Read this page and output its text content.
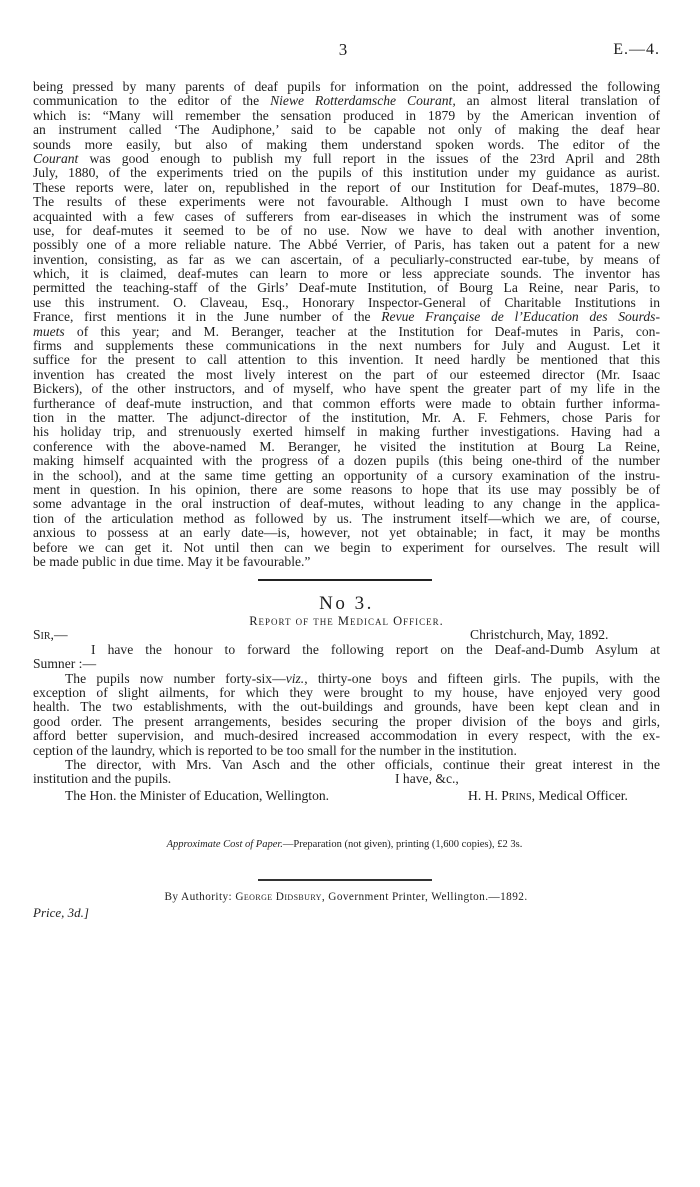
3	E.—4.
being pressed by many parents of deaf pupils for information on the point, addressed the following
communication to the editor of the Niewe Rotterdamsche Courant, an almost literal translation of
which is: “Many will remember the sensation produced in 1879 by the American invention of
an instrument called ‘The Audiphone,’ said to be capable not only of making the deaf hear
sounds more easily, but also of making them understand spoken words. The editor of the
Courant was good enough to publish my full report in the issues of the 23rd April and 28th
July, 1880, of the experiments tried on the pupils of this institution under my guidance as aurist.
These reports were, later on, republished in the report of our Institution for Deaf-mutes, 1879–80.
The results of these experiments were not favourable. Although I must own to have become
acquainted with a few cases of sufferers from ear-diseases in which the instrument was of some
use, for deaf-mutes it seemed to be of no use. Now we have to deal with another invention,
possibly one of a more reliable nature. The Abbé Verrier, of Paris, has taken out a patent for a new
invention, consisting, as far as we can ascertain, of a peculiarly-constructed ear-tube, by means of
which, it is claimed, deaf-mutes can learn to more or less appreciate sounds. The inventor has
permitted the teaching-staff of the Girls’ Deaf-mute Institution, of Bourg La Reine, near Paris, to
use this instrument. O. Claveau, Esq., Honorary Inspector-General of Charitable Institutions in
France, first mentions it in the June number of the Revue Française de l’Education des Sourds-
muets of this year; and M. Beranger, teacher at the Institution for Deaf-mutes in Paris, con-
firms and supplements these communications in the next numbers for July and August. Let it
suffice for the present to call attention to this invention. It need hardly be mentioned that this
invention has created the most lively interest on the part of our esteemed director (Mr. Isaac
Bickers), of the other instructors, and of myself, who have spent the greater part of my life in the
furtherance of deaf-mute instruction, and that common efforts were made to obtain further informa-
tion in the matter. The adjunct-director of the institution, Mr. A. F. Fehmers, chose Paris for
his holiday trip, and strenuously exerted himself in making further investigations. Having had a
conference with the above-named M. Beranger, he visited the institution at Bourg La Reine,
making himself acquainted with the progress of a dozen pupils (this being one-third of the number
in the school), and at the same time getting an opportunity of a cursory examination of the instru-
ment in question. In his opinion, there are some reasons to hope that its use may possibly be of
some advantage in the oral instruction of deaf-mutes, without leading to any change in the applica-
tion of the articulation method as followed by us. The instrument itself—which we are, of course,
anxious to possess at an early date—is, however, not yet obtainable; in fact, it may be months
before we can get it. Not until then can we begin to experiment for ourselves. The result will
be made public in due time. May it be favourable.”
No 3.
Report of the Medical Officer.
Sir,—	Christchurch, May, 1892.
I have the honour to forward the following report on the Deaf-and-Dumb Asylum at
Sumner :—
The pupils now number forty-six—viz., thirty-one boys and fifteen girls. The pupils, with the
exception of slight ailments, for which they were brought to my house, have enjoyed very good
health. The two establishments, with the out-buildings and grounds, have been kept clean and in
good order. The present arrangements, besides securing the proper division of the boys and girls,
afford better supervision, and much-desired increased accommodation in every respect, with the ex-
ception of the laundry, which is reported to be too small for the number in the institution.
The director, with Mrs. Van Asch and the other officials, continue their great interest in the
institution and the pupils.	I have, &c.,
The Hon. the Minister of Education, Wellington.	H. H. Prins, Medical Officer.
Approximate Cost of Paper.—Preparation (not given), printing (1,600 copies), £2 3s.
By Authority: George Didsbury, Government Printer, Wellington.—1892.
Price, 3d.]
